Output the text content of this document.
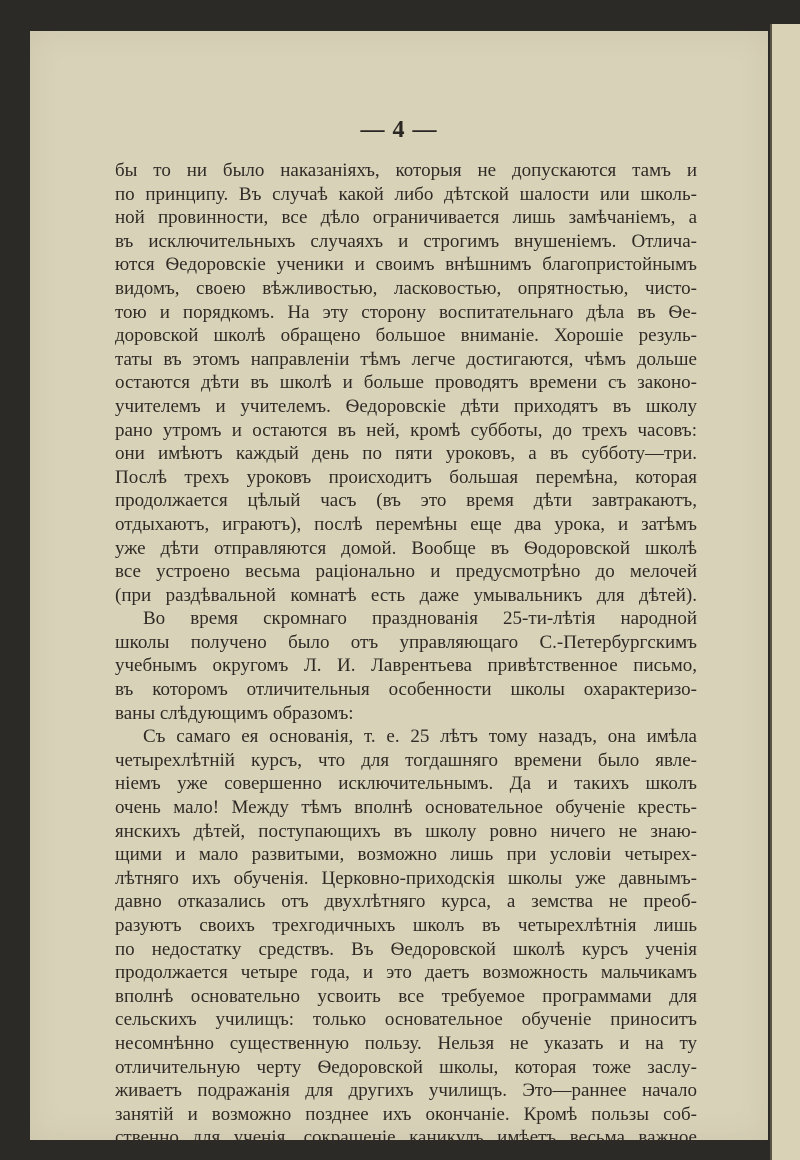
— 4 —
бы то ни было наказаніяхъ, которыя не допускаются тамъ и
по принципу. Въ случаѣ какой либо дѣтской шалости или школь-
ной провинности, все дѣло ограничивается лишь замѣчаніемъ, а
въ исключительныхъ случаяхъ и строгимъ внушеніемъ. Отлича-
ются Ѳедоровскіе ученики и своимъ внѣшнимъ благопристойнымъ
видомъ, своею вѣжливостью, ласковостью, опрятностью, чисто-
тою и порядкомъ. На эту сторону воспитательнаго дѣла въ Ѳе-
доровской школѣ обращено большое вниманіе. Хорошіе резуль-
таты въ этомъ направленіи тѣмъ легче достигаются, чѣмъ дольше
остаются дѣти въ школѣ и больше проводятъ времени съ законо-
учителемъ и учителемъ. Ѳедоровскіе дѣти приходятъ въ школу
рано утромъ и остаются въ ней, кромѣ субботы, до трехъ часовъ:
они имѣютъ каждый день по пяти уроковъ, а въ субботу—три.
Послѣ трехъ уроковъ происходитъ большая перемѣна, которая
продолжается цѣлый часъ (въ это время дѣти завтракаютъ,
отдыхаютъ, играютъ), послѣ перемѣны еще два урока, и затѣмъ
уже дѣти отправляются домой. Вообще въ Ѳодоровской школѣ
все устроено весьма раціонально и предусмотрѣно до мелочей
(при раздѣвальной комнатѣ есть даже умывальникъ для дѣтей).
Во время скромнаго празднованія 25-ти-лѣтія народной
школы получено было отъ управляющаго С.-Петербургскимъ
учебнымъ округомъ Л. И. Лаврентьева привѣтственное письмо,
въ которомъ отличительныя особенности школы охарактеризо-
ваны слѣдующимъ образомъ:
Съ самаго ея основанія, т. е. 25 лѣтъ тому назадъ, она имѣла
четырехлѣтній курсъ, что для тогдашняго времени было явле-
ніемъ уже совершенно исключительнымъ. Да и такихъ школъ
очень мало! Между тѣмъ вполнѣ основательное обученіе кресть-
янскихъ дѣтей, поступающихъ въ школу ровно ничего не знаю-
щими и мало развитыми, возможно лишь при условіи четырех-
лѣтняго ихъ обученія. Церковно-приходскія школы уже давнымъ-
давно отказались отъ двухлѣтняго курса, а земства не преоб-
разуютъ своихъ трехгодичныхъ школъ въ четырехлѣтнія лишь
по недостатку средствъ. Въ Ѳедоровской школѣ курсъ ученія
продолжается четыре года, и это даетъ возможность мальчикамъ
вполнѣ основательно усвоить все требуемое программами для
сельскихъ училищъ: только основательное обученіе приноситъ
несомнѣнно существенную пользу. Нельзя не указать и на ту
отличительную черту Ѳедоровской школы, которая тоже заслу-
живаетъ подражанія для другихъ училищъ. Это—раннее начало
занятій и возможно позднее ихъ окончаніе. Кромѣ пользы соб-
ственно для ученія, сокращеніе каникулъ имѣетъ весьма важное
